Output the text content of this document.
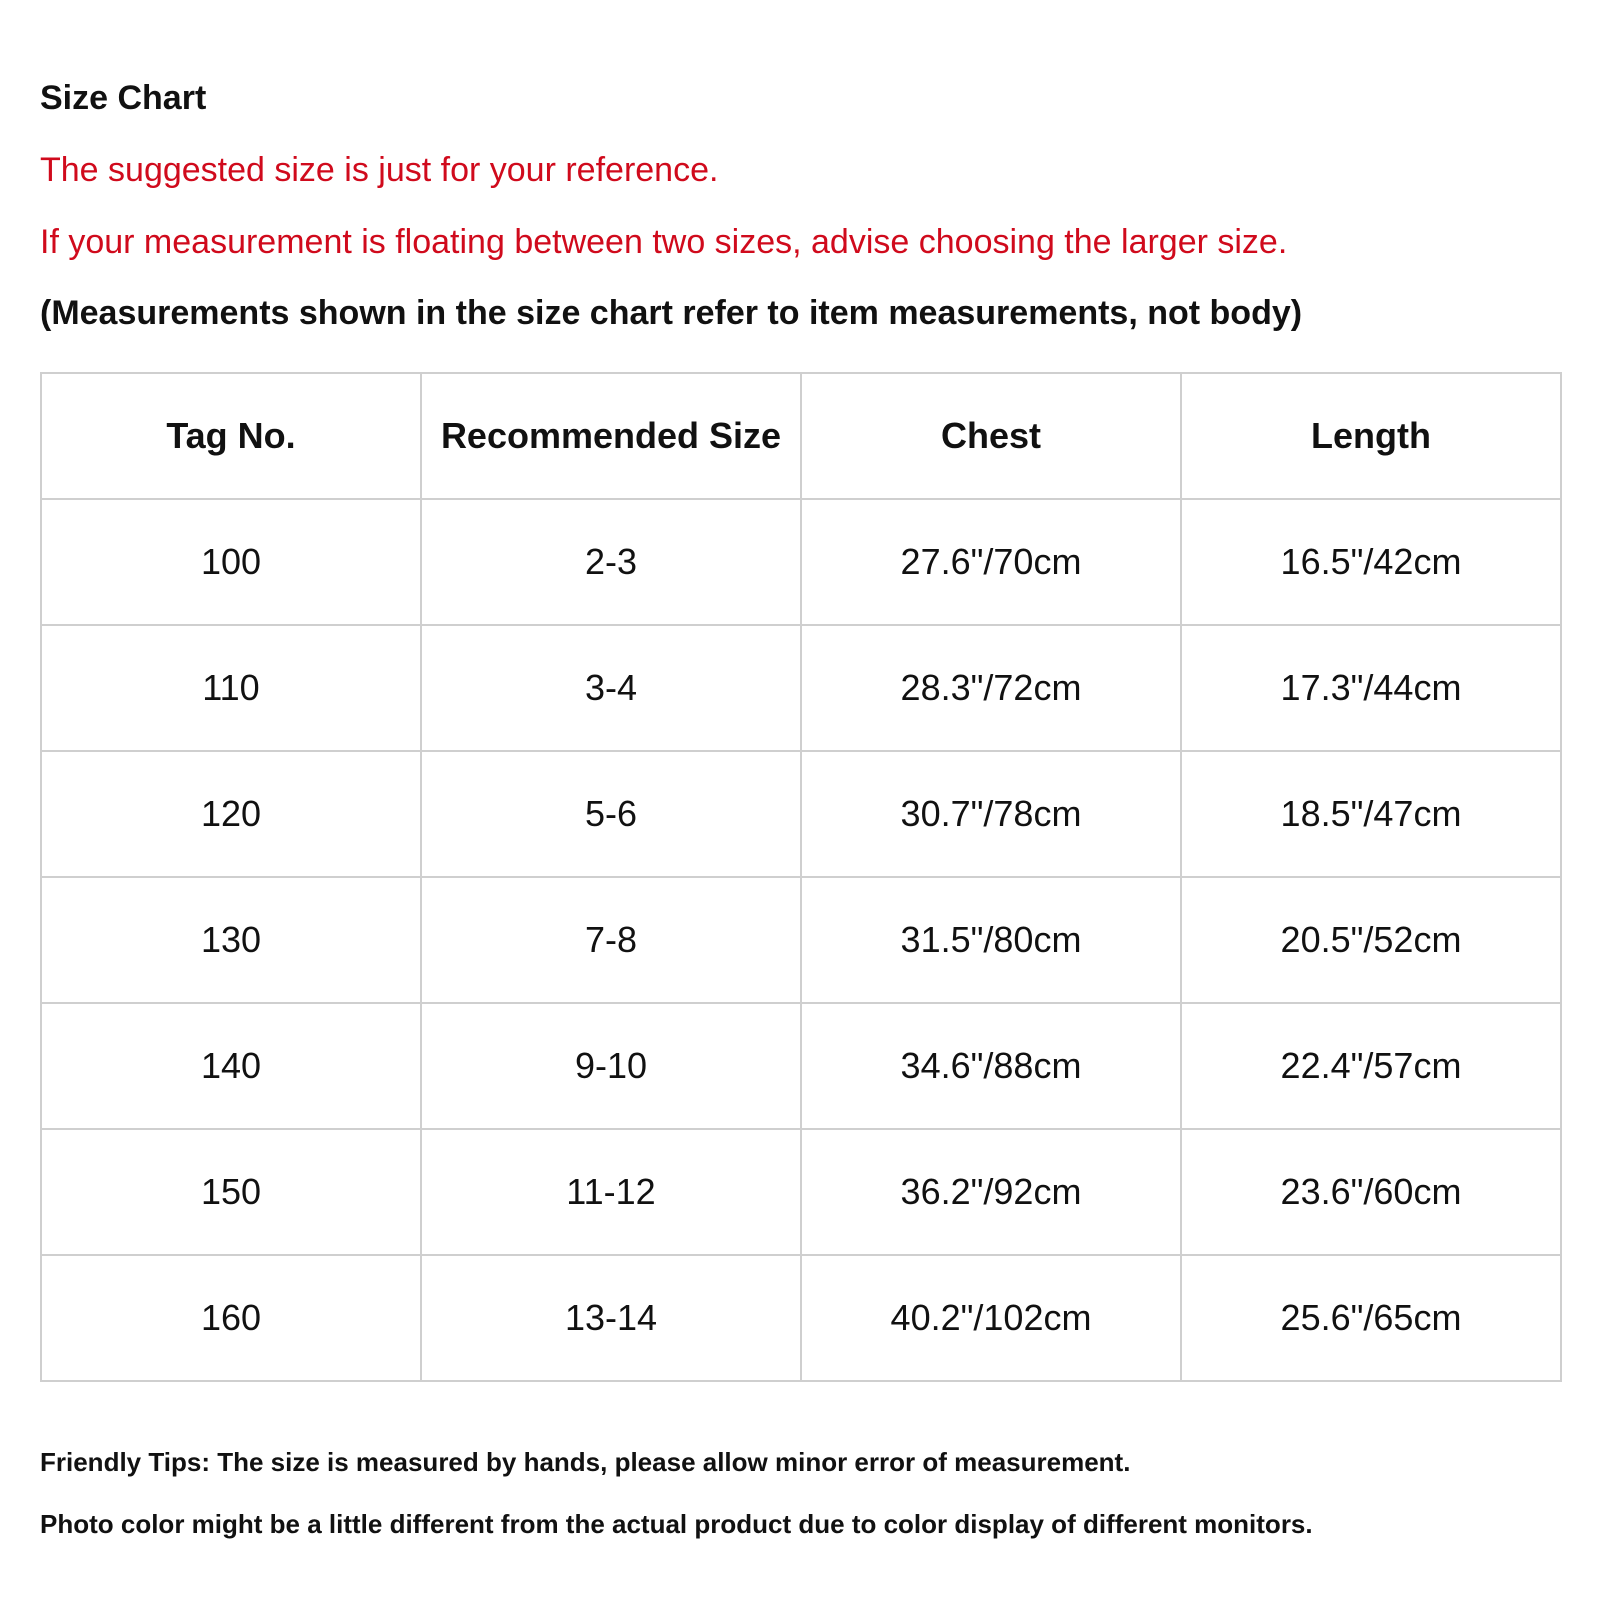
Size Chart
The suggested size is just for your reference.
If your measurement is floating between two sizes, advise choosing the larger size.
(Measurements shown in the size chart refer to item measurements, not body)
Tag No.	Recommended Size	Chest	Length
100	2-3	27.6"/70cm	16.5"/42cm
110	3-4	28.3"/72cm	17.3"/44cm
120	5-6	30.7"/78cm	18.5"/47cm
130	7-8	31.5"/80cm	20.5"/52cm
140	9-10	34.6"/88cm	22.4"/57cm
150	11-12	36.2"/92cm	23.6"/60cm
160	13-14	40.2"/102cm	25.6"/65cm
Friendly Tips: The size is measured by hands, please allow minor error of measurement.
Photo color might be a little different from the actual product due to color display of different monitors.
